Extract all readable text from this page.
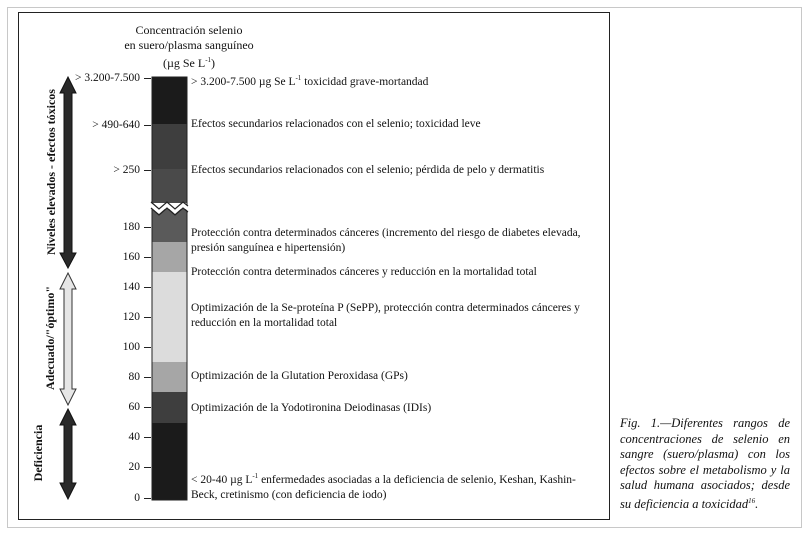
Concentración selenio
en suero/plasma sanguíneo
(µg Se $L^{-1}$)
> 3.200-7.500
> 490-640
> 250
180
160
140
120
100
80
60
40
20
0
> 3.200-7.500 µg Se $L^{-1}$ toxicidad grave-mortandad
Efectos secundarios relacionados con el selenio; toxicidad leve
Efectos secundarios relacionados con el selenio; pérdida de pelo y dermatitis
Protección contra determinados cánceres (incremento del riesgo de diabetes elevada, presión sanguínea e hipertensión)
Protección contra determinados cánceres y reducción en la mortalidad total
Optimización de la Se-proteína P (SePP), protección contra determinados cánceres y reducción en la mortalidad total
Optimización de la Glutation Peroxidasa (GPs)
Optimización de la Yodotironina Deiodinasas (IDIs)
< 20-40 µg $L^{-1}$ enfermedades asociadas a la deficiencia de selenio, Keshan, Kashin-Beck, cretinismo (con deficiencia de iodo)
Niveles elevados - efectos tóxicos
Adecuado/"óptimo"
Deficiencia
Fig. 1.—Diferentes rangos de concentraciones de selenio en sangre (suero/plasma) con los efectos sobre el metabolismo y la salud humana asociados; desde su deficiencia a toxicidad$^{16}$.
